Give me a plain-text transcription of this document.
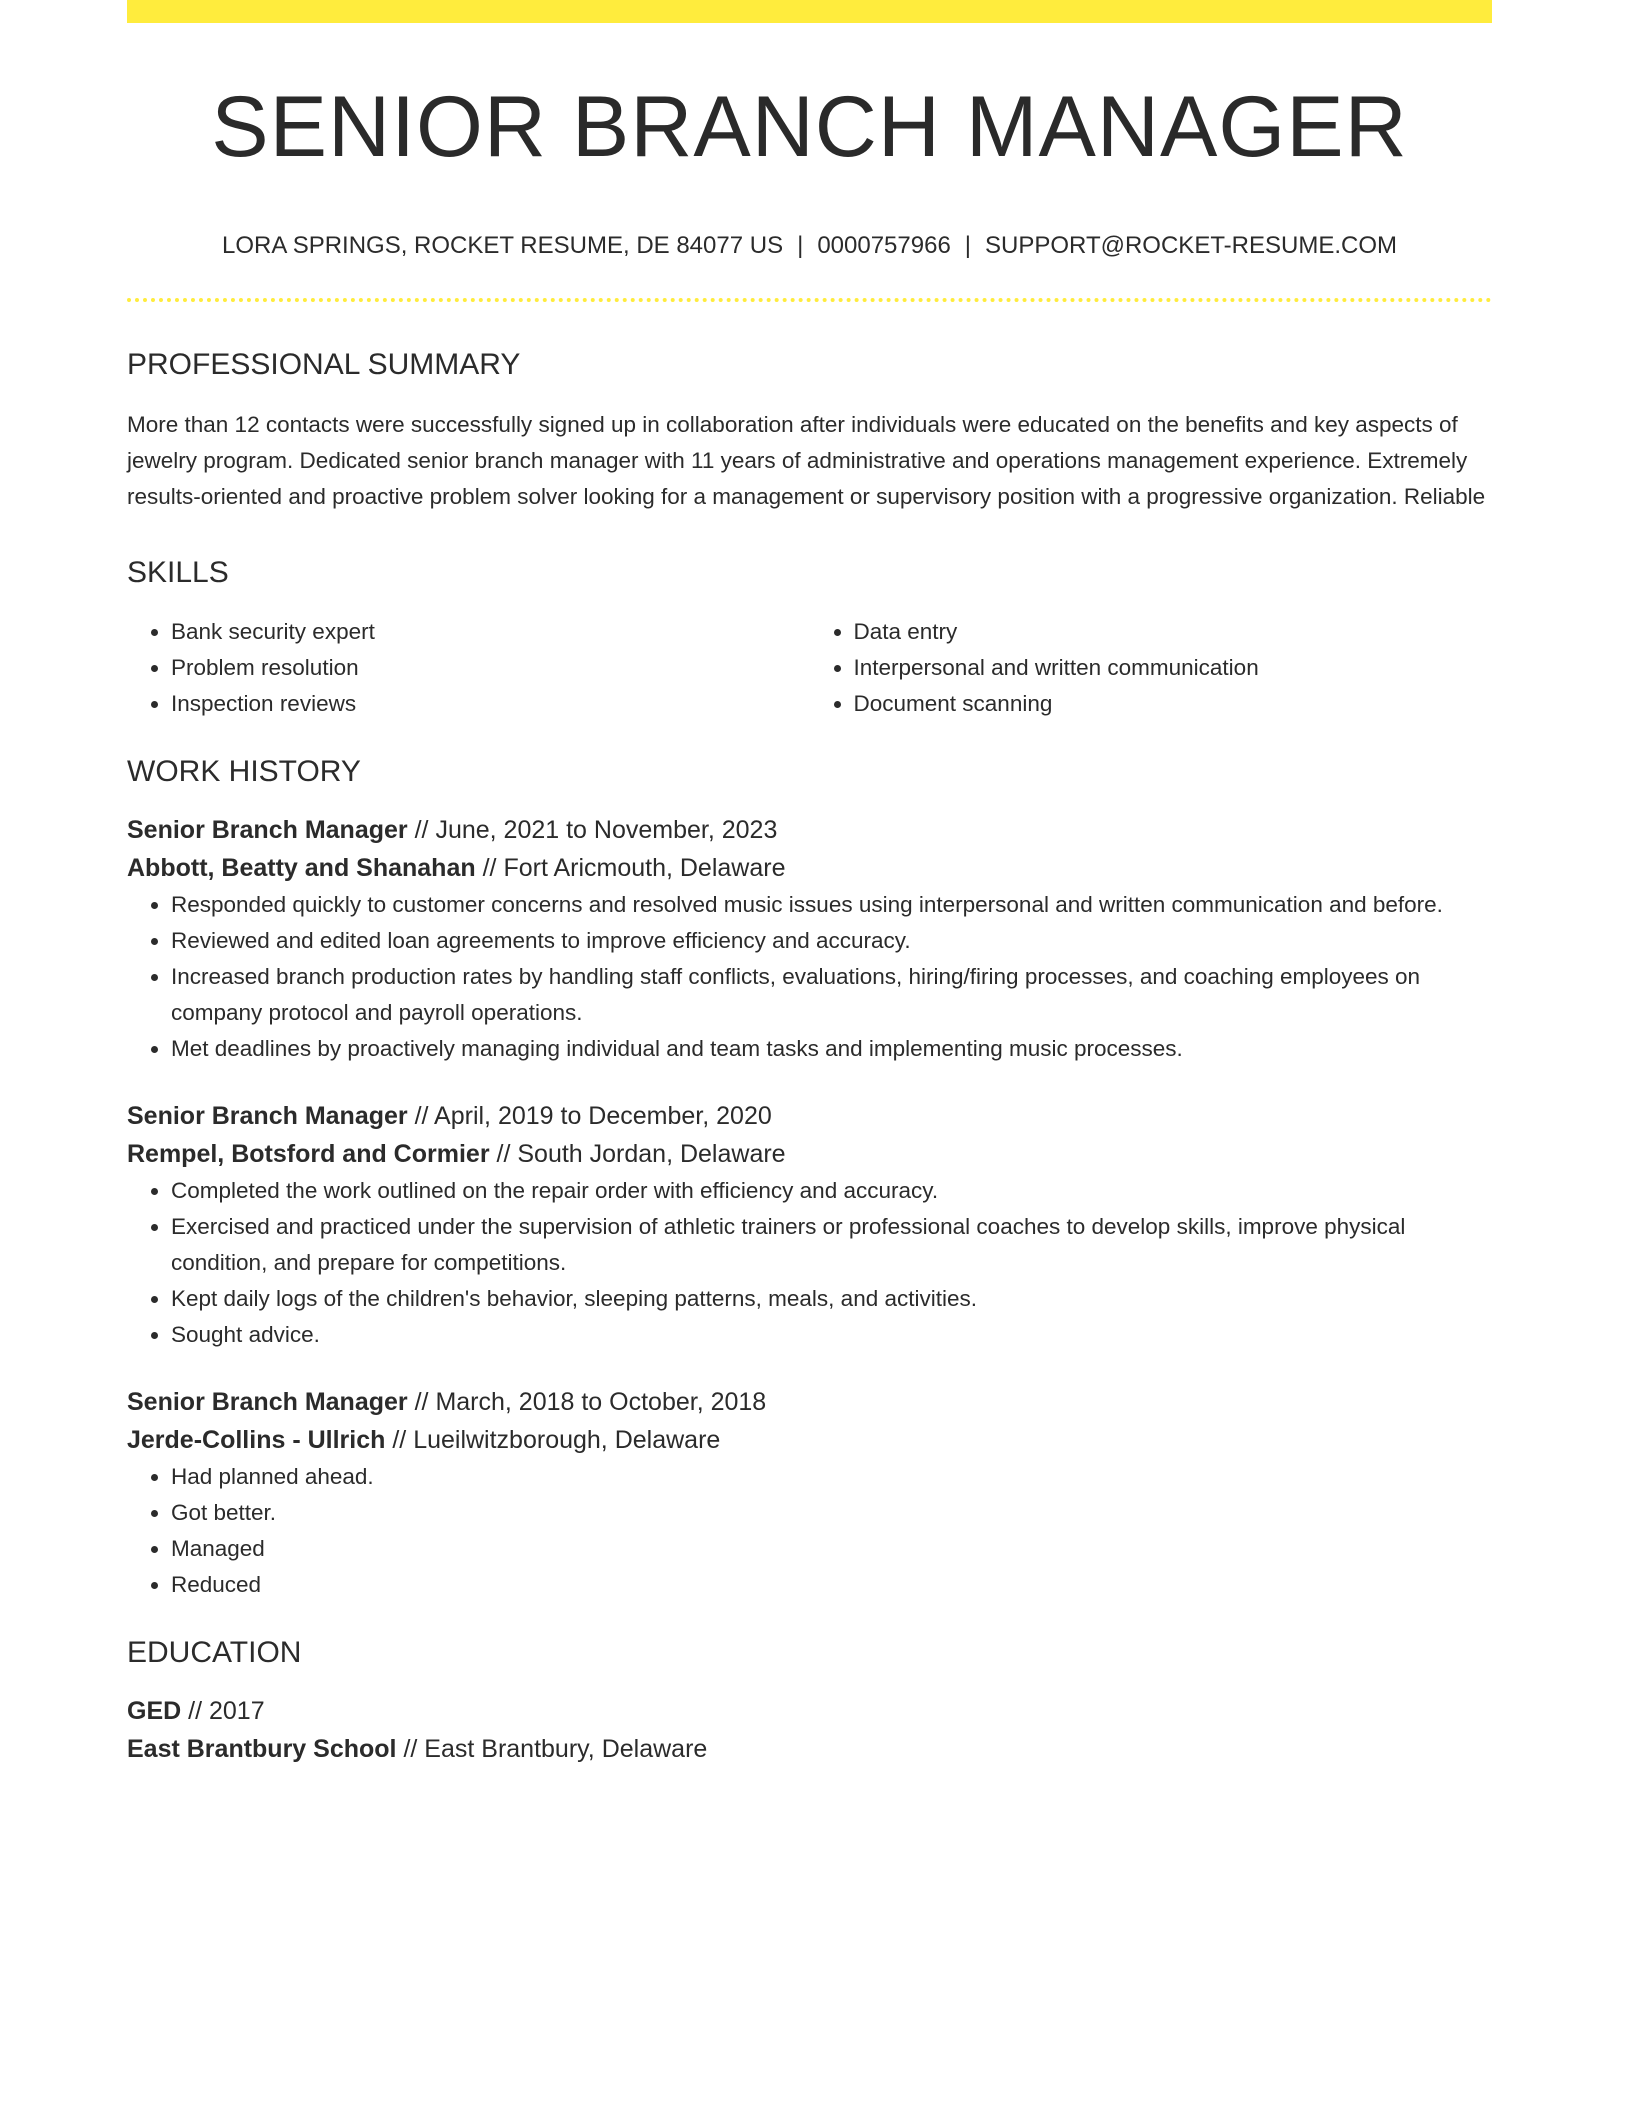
SENIOR BRANCH MANAGER
LORA SPRINGS, ROCKET RESUME, DE 84077 US | 0000757966 | SUPPORT@ROCKET-RESUME.COM
PROFESSIONAL SUMMARY
More than 12 contacts were successfully signed up in collaboration after individuals were educated on the benefits and key aspects of jewelry program. Dedicated senior branch manager with 11 years of administrative and operations management experience. Extremely results-oriented and proactive problem solver looking for a management or supervisory position with a progressive organization. Reliable
SKILLS
• Bank security expert
• Problem resolution
• Inspection reviews
• Data entry
• Interpersonal and written communication
• Document scanning
WORK HISTORY
Senior Branch Manager // June, 2021 to November, 2023
Abbott, Beatty and Shanahan // Fort Aricmouth, Delaware
• Responded quickly to customer concerns and resolved music issues using interpersonal and written communication and before.
• Reviewed and edited loan agreements to improve efficiency and accuracy.
• Increased branch production rates by handling staff conflicts, evaluations, hiring/firing processes, and coaching employees on company protocol and payroll operations.
• Met deadlines by proactively managing individual and team tasks and implementing music processes.
Senior Branch Manager // April, 2019 to December, 2020
Rempel, Botsford and Cormier // South Jordan, Delaware
• Completed the work outlined on the repair order with efficiency and accuracy.
• Exercised and practiced under the supervision of athletic trainers or professional coaches to develop skills, improve physical condition, and prepare for competitions.
• Kept daily logs of the children's behavior, sleeping patterns, meals, and activities.
• Sought advice.
Senior Branch Manager // March, 2018 to October, 2018
Jerde-Collins - Ullrich // Lueilwitzborough, Delaware
• Had planned ahead.
• Got better.
• Managed
• Reduced
EDUCATION
GED // 2017
East Brantbury School // East Brantbury, Delaware
